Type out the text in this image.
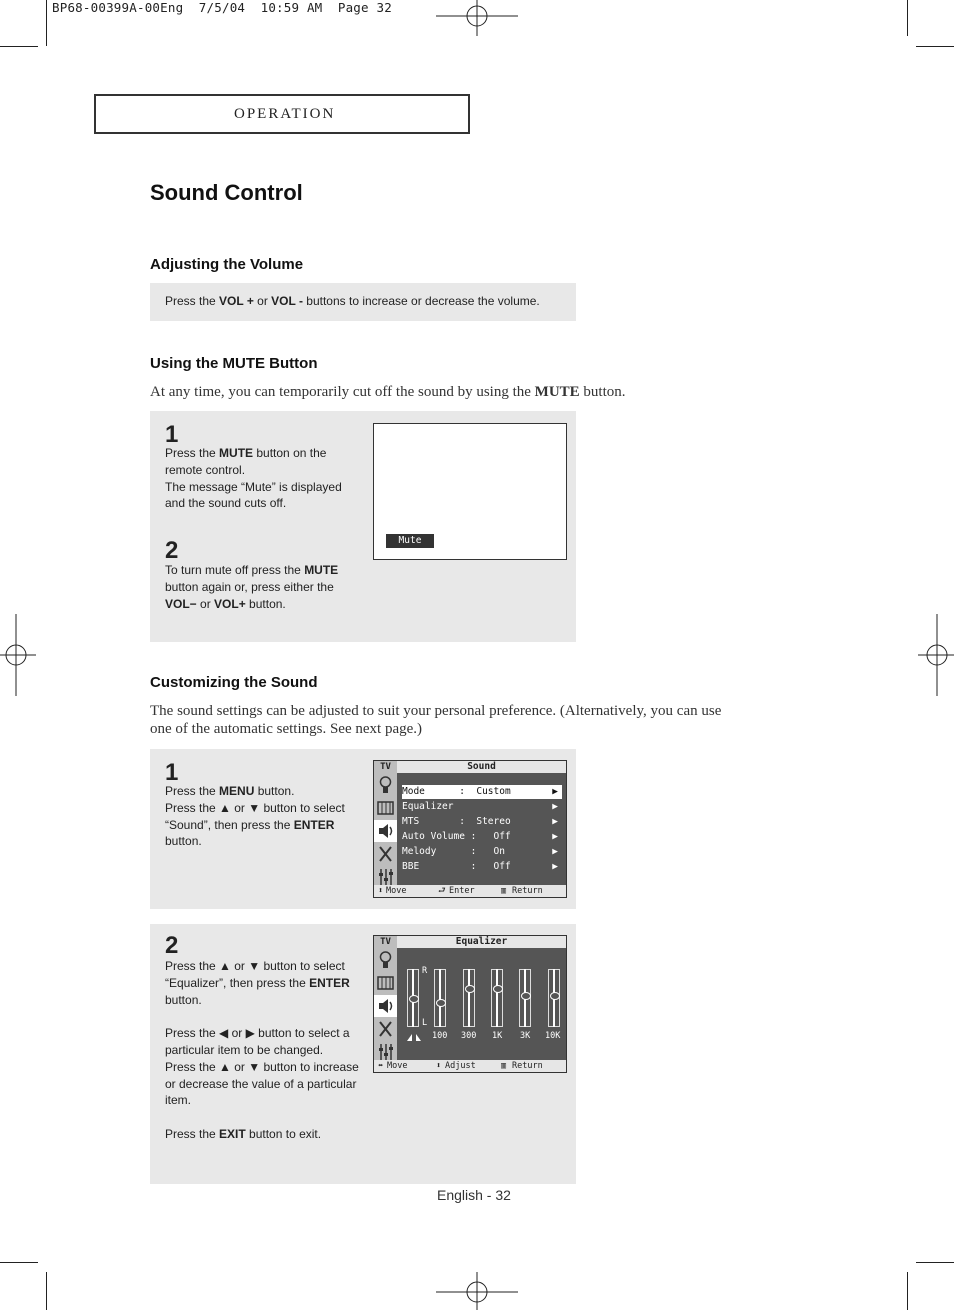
BP68-00399A-00Eng  7/5/04  10:59 AM  Page 32
OPERATION
Sound Control
Adjusting the Volume
Press the VOL + or VOL - buttons to increase or decrease the volume.
Using the MUTE Button
At any time, you can temporarily cut off the sound by using the MUTE button.
1
Press the MUTE button on the
remote control.
The message “Mute” is displayed
and the sound cuts off.
2
To turn mute off press the MUTE
button again or, press either the
VOL− or VOL+ button.
Mute
Customizing the Sound
The sound settings can be adjusted to suit your personal preference. (Alternatively, you can use
one of the automatic settings. See next page.)
1
Press the MENU button.
Press the ▲ or ▼ button to select
“Sound”, then press the ENTER
button.
TV	Sound
Mode      :  Custom	▶
Equalizer	▶
MTS       :  Stereo	▶
Auto Volume :   Off	▶
Melody      :   On	▶
BBE         :   Off	▶
⬍ Move	⮐ Enter	▥ Return
2
Press the ▲ or ▼ button to select
“Equalizer”, then press the ENTER
button.
Press the ◀ or ▶ button to select a
particular item to be changed.
Press the ▲ or ▼ button to increase
or decrease the value of a particular
item.
Press the EXIT button to exit.
TV	Equalizer
R
L
100 300 1K 3K 10K
⬌ Move	⬍ Adjust	▥ Return
English - 32
